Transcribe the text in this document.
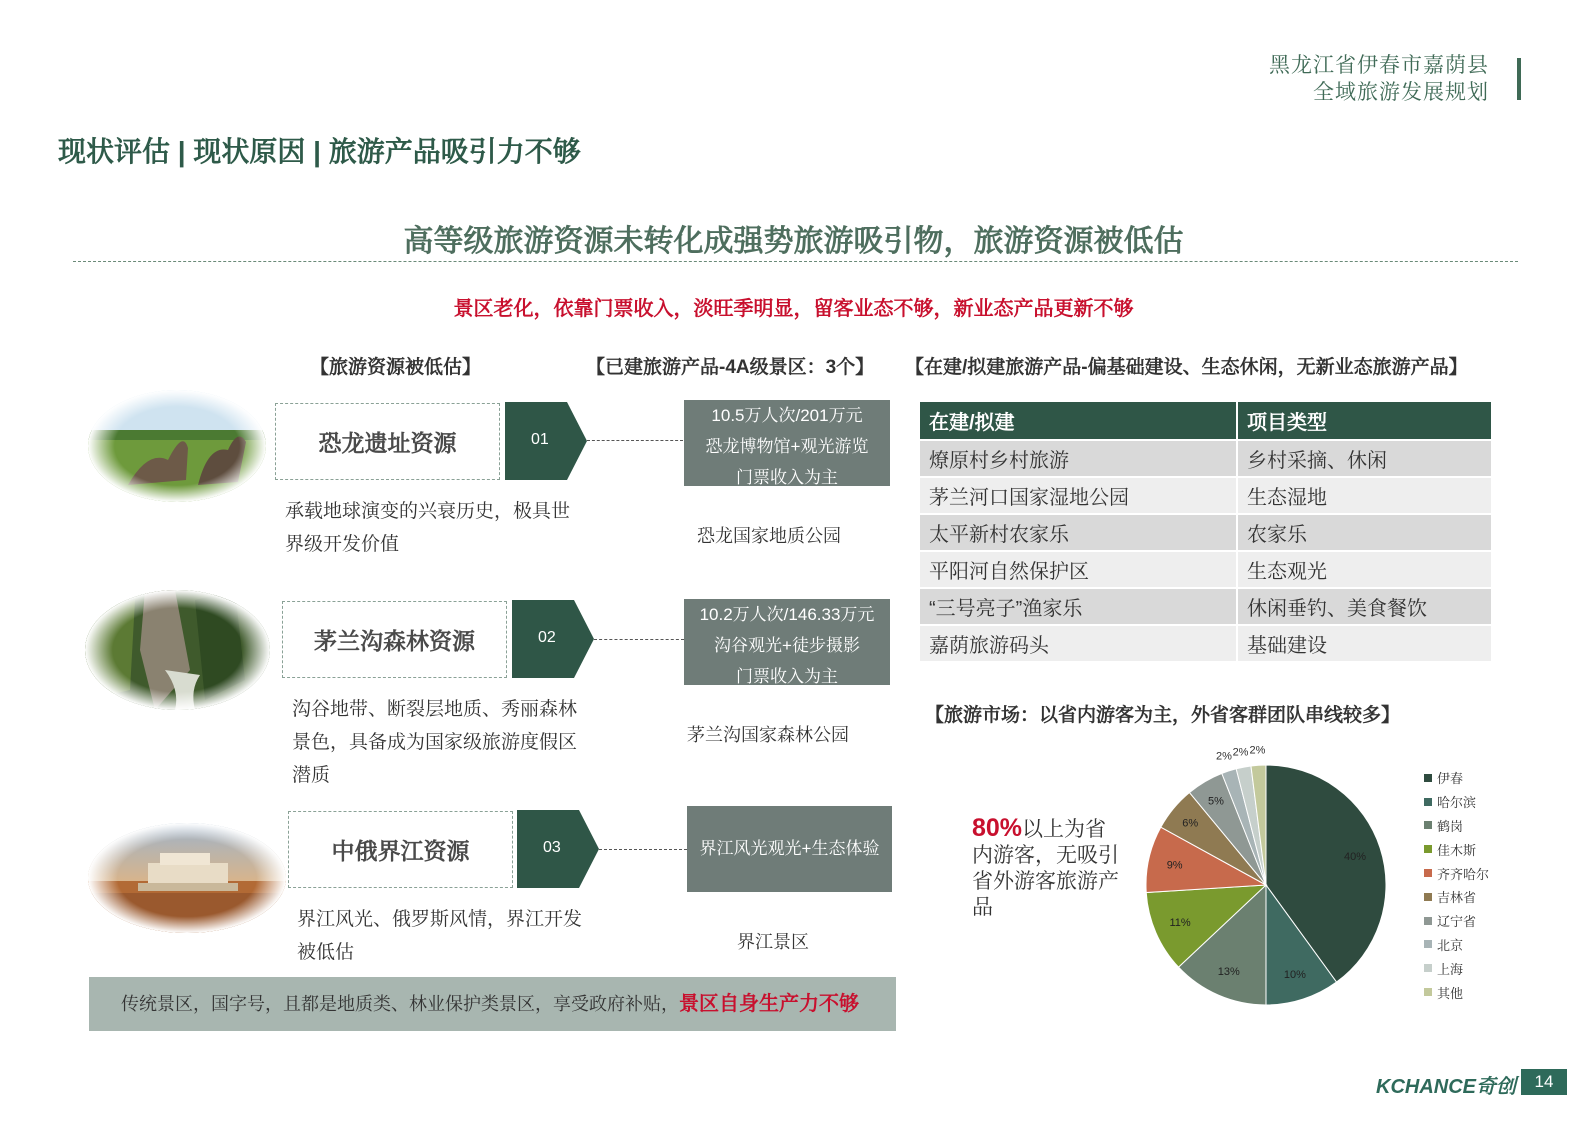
黑龙江省伊春市嘉荫县
全域旅游发展规划
现状评估 | 现状原因 | 旅游产品吸引力不够
高等级旅游资源未转化成强势旅游吸引物，旅游资源被低估
景区老化，依靠门票收入，淡旺季明显，留客业态不够，新业态产品更新不够
【旅游资源被低估】	【已建旅游产品-4A级景区：3个】 【在建/拟建旅游产品-偏基础建设、生态休闲，无新业态旅游产品】
恐龙遗址资源	01
茅兰沟森林资源	02
中俄界江资源	03
10.5万人次/201万元
恐龙博物馆+观光游览
门票收入为主
10.2万人次/146.33万元
沟谷观光+徒步摄影
门票收入为主
界江风光观光+生态体验
承载地球演变的兴衰历史，极具世界级开发价值
沟谷地带、断裂层地质、秀丽森林景色，具备成为国家级旅游度假区潜质
界江风光、俄罗斯风情，界江开发被低估
恐龙国家地质公园
茅兰沟国家森林公园
界江景区
在建/拟建	项目类型
燎原村乡村旅游	乡村采摘、休闲
茅兰河口国家湿地公园	生态湿地
太平新村农家乐	农家乐
平阳河自然保护区	生态观光
“三号亮子”渔家乐	休闲垂钓、美食餐饮
嘉荫旅游码头	基础建设
【旅游市场：以省内游客为主，外省客群团队串线较多】
80%以上为省内游客，无吸引省外游客旅游产品
40%
10%
13%
11%
9%
6%
5%
2% 2% 2%
伊春
哈尔滨
鹤岗
佳木斯
齐齐哈尔
吉林省
辽宁省
北京
上海
其他
传统景区，国字号，且都是地质类、林业保护类景区，享受政府补贴，景区自身生产力不够
KCHANCE奇创	14
